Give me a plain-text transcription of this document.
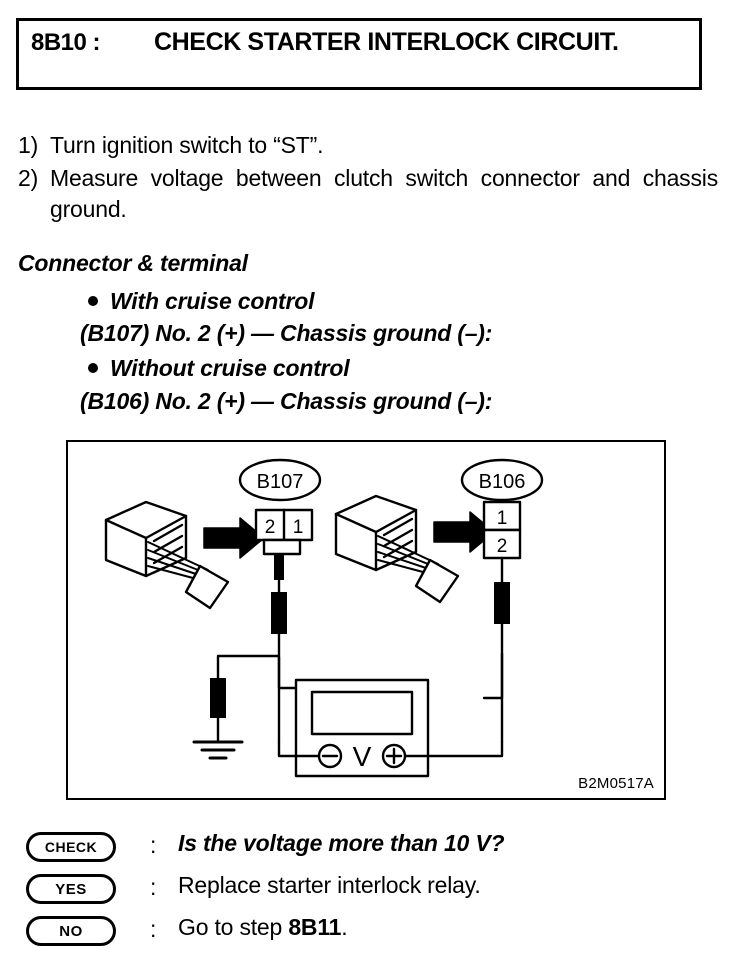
8B10 : CHECK STARTER INTERLOCK CIRCUIT.
1) Turn ignition switch to “ST”.
2) Measure voltage between clutch switch connector and chassis ground.
Connector & terminal
With cruise control
(B107) No. 2 (+) — Chassis ground (–):
Without cruise control
(B106) No. 2 (+) — Chassis ground (–):
B107	B106
2 1	1
2
V
B2M0517A
CHECK	: Is the voltage more than 10 V?
YES	: Replace starter interlock relay.
NO	: Go to step 8B11.
